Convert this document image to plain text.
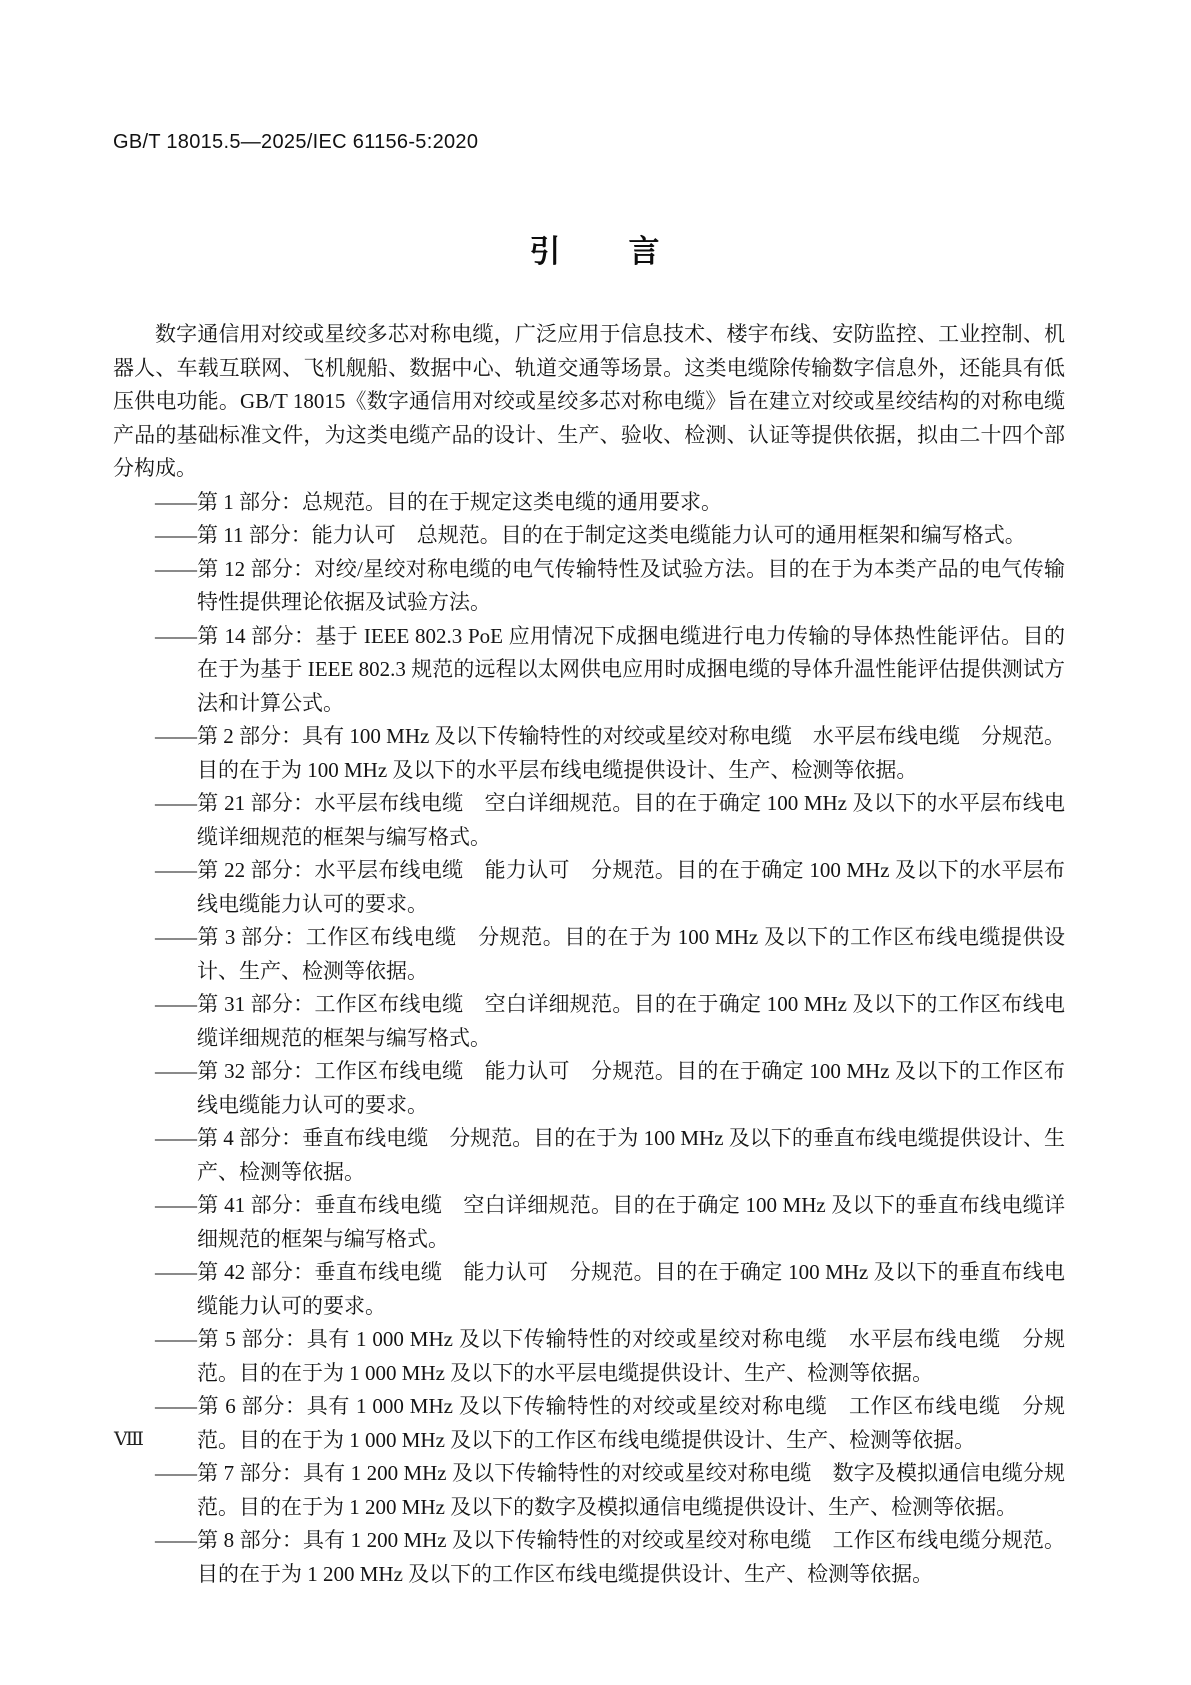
GB/T 18015.5—2025/IEC 61156-5:2020
引　　言

数字通信用对绞或星绞多芯对称电缆，广泛应用于信息技术、楼宇布线、安防监控、工业控制、机器人、车载互联网、飞机舰船、数据中心、轨道交通等场景。这类电缆除传输数字信息外，还能具有低压供电功能。GB/T 18015《数字通信用对绞或星绞多芯对称电缆》旨在建立对绞或星绞结构的对称电缆产品的基础标准文件，为这类电缆产品的设计、生产、验收、检测、认证等提供依据，拟由二十四个部分构成。

——第 1 部分：总规范。目的在于规定这类电缆的通用要求。
——第 11 部分：能力认可　总规范。目的在于制定这类电缆能力认可的通用框架和编写格式。
——第 12 部分：对绞/星绞对称电缆的电气传输特性及试验方法。目的在于为本类产品的电气传输特性提供理论依据及试验方法。
——第 14 部分：基于 IEEE 802.3 PoE 应用情况下成捆电缆进行电力传输的导体热性能评估。目的在于为基于 IEEE 802.3 规范的远程以太网供电应用时成捆电缆的导体升温性能评估提供测试方法和计算公式。
——第 2 部分：具有 100 MHz 及以下传输特性的对绞或星绞对称电缆　水平层布线电缆　分规范。目的在于为 100 MHz 及以下的水平层布线电缆提供设计、生产、检测等依据。
——第 21 部分：水平层布线电缆　空白详细规范。目的在于确定 100 MHz 及以下的水平层布线电缆详细规范的框架与编写格式。
——第 22 部分：水平层布线电缆　能力认可　分规范。目的在于确定 100 MHz 及以下的水平层布线电缆能力认可的要求。
——第 3 部分：工作区布线电缆　分规范。目的在于为 100 MHz 及以下的工作区布线电缆提供设计、生产、检测等依据。
——第 31 部分：工作区布线电缆　空白详细规范。目的在于确定 100 MHz 及以下的工作区布线电缆详细规范的框架与编写格式。
——第 32 部分：工作区布线电缆　能力认可　分规范。目的在于确定 100 MHz 及以下的工作区布线电缆能力认可的要求。
——第 4 部分：垂直布线电缆　分规范。目的在于为 100 MHz 及以下的垂直布线电缆提供设计、生产、检测等依据。
——第 41 部分：垂直布线电缆　空白详细规范。目的在于确定 100 MHz 及以下的垂直布线电缆详细规范的框架与编写格式。
——第 42 部分：垂直布线电缆　能力认可　分规范。目的在于确定 100 MHz 及以下的垂直布线电缆能力认可的要求。
——第 5 部分：具有 1 000 MHz 及以下传输特性的对绞或星绞对称电缆　水平层布线电缆　分规范。目的在于为 1 000 MHz 及以下的水平层电缆提供设计、生产、检测等依据。
——第 6 部分：具有 1 000 MHz 及以下传输特性的对绞或星绞对称电缆　工作区布线电缆　分规范。目的在于为 1 000 MHz 及以下的工作区布线电缆提供设计、生产、检测等依据。
——第 7 部分：具有 1 200 MHz 及以下传输特性的对绞或星绞对称电缆　数字及模拟通信电缆分规范。目的在于为 1 200 MHz 及以下的数字及模拟通信电缆提供设计、生产、检测等依据。
——第 8 部分：具有 1 200 MHz 及以下传输特性的对绞或星绞对称电缆　工作区布线电缆分规范。目的在于为 1 200 MHz 及以下的工作区布线电缆提供设计、生产、检测等依据。
Ⅷ
